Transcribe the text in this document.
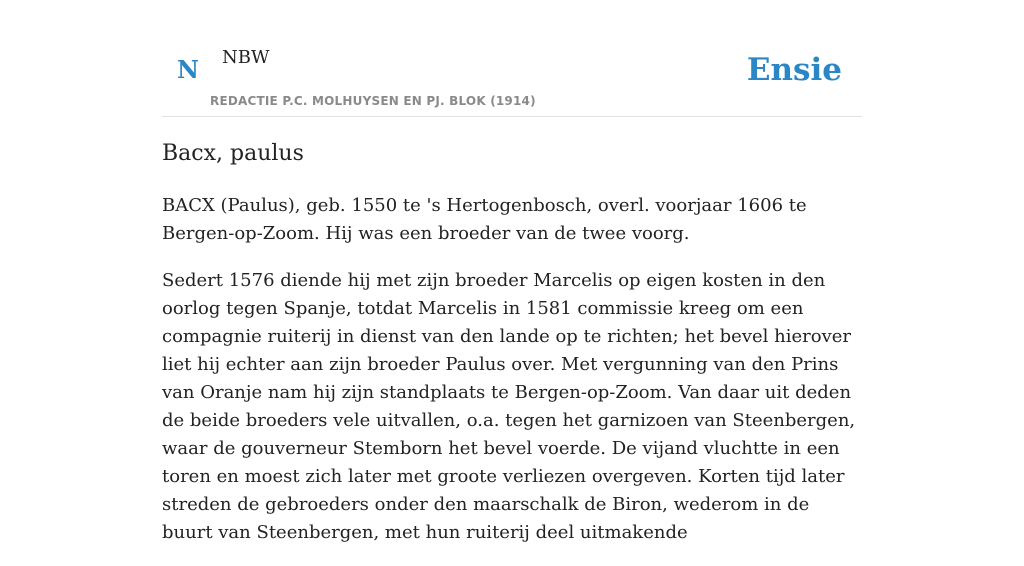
N NBW
REDACTIE P.C. MOLHUYSEN EN PJ. BLOK (1914)
Ensie
Bacx, paulus

BACX (Paulus), geb. 1550 te 's Hertogenbosch, overl. voorjaar 1606 te Bergen-op-Zoom. Hij was een broeder van de twee voorg.

Sedert 1576 diende hij met zijn broeder Marcelis op eigen kosten in den oorlog tegen Spanje, totdat Marcelis in 1581 commissie kreeg om een compagnie ruiterij in dienst van den lande op te richten; het bevel hierover liet hij echter aan zijn broeder Paulus over. Met vergunning van den Prins van Oranje nam hij zijn standplaats te Bergen-op-Zoom. Van daar uit deden de beide broeders vele uitvallen, o.a. tegen het garnizoen van Steenbergen, waar de gouverneur Stemborn het bevel voerde. De vijand vluchtte in een toren en moest zich later met groote verliezen overgeven. Korten tijd later streden de gebroeders onder den maarschalk de Biron, wederom in de buurt van Steenbergen, met hun ruiterij deel uitmakende
